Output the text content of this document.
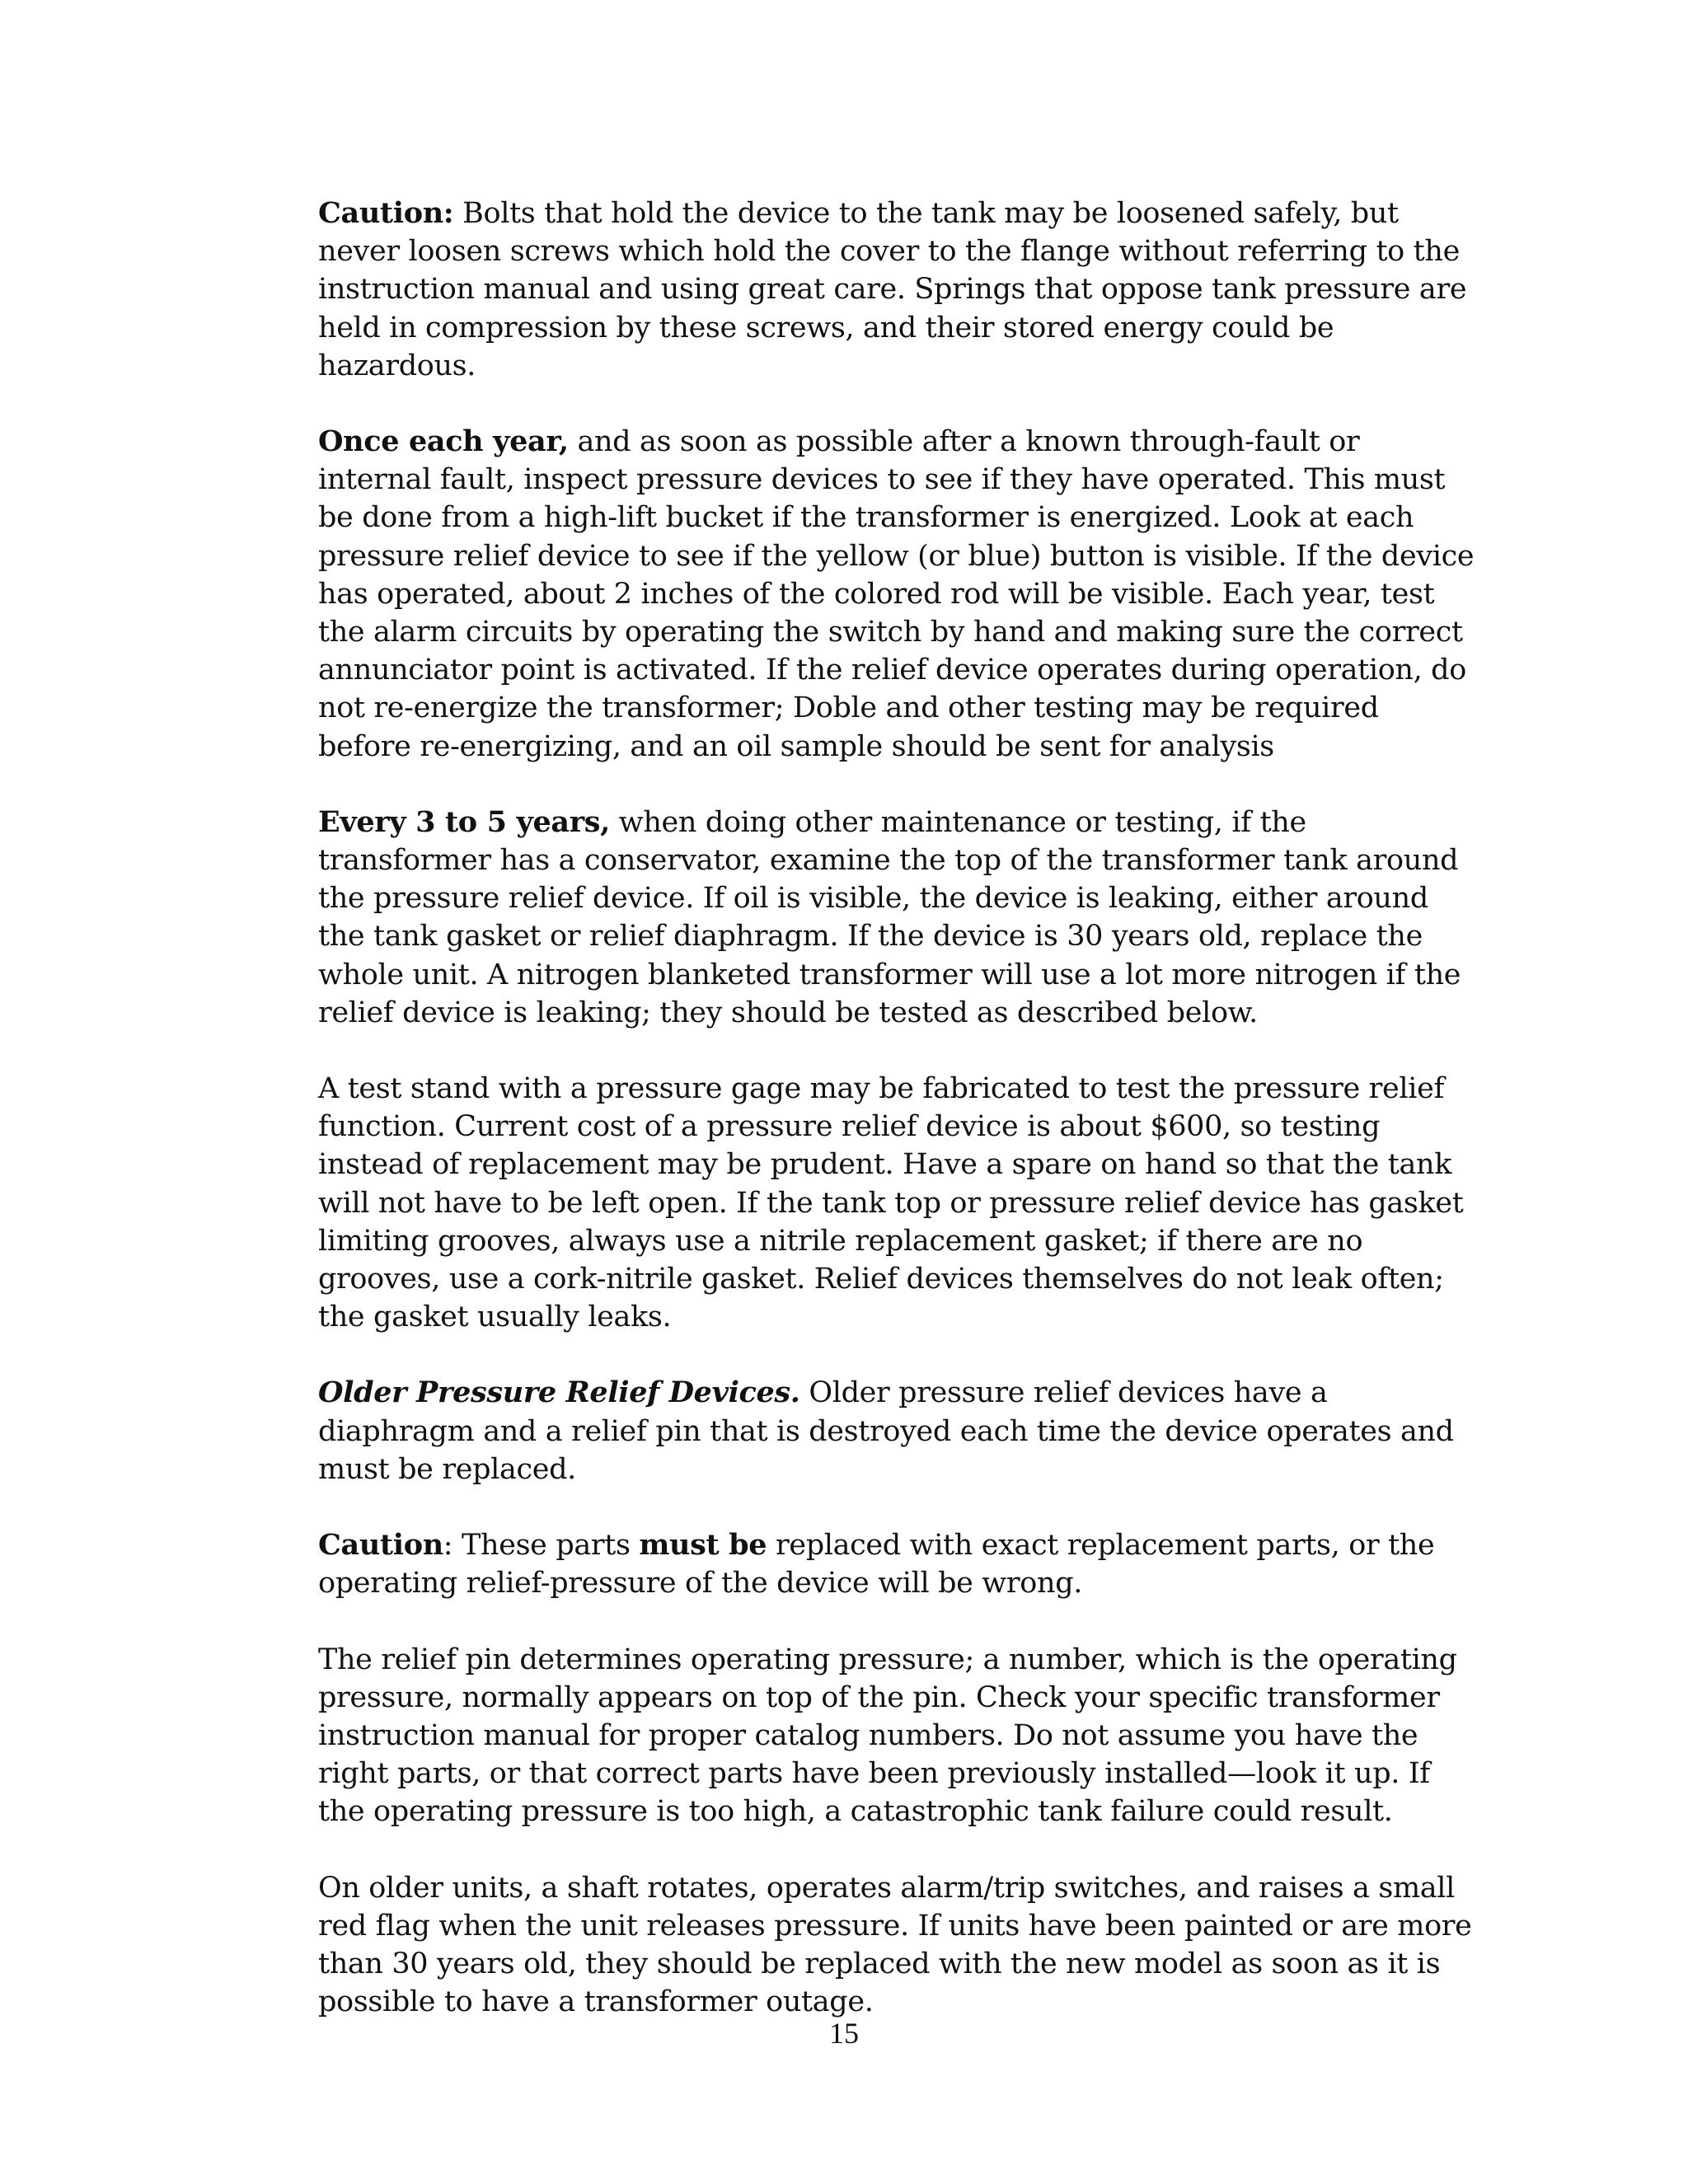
Caution: Bolts that hold the device to the tank may be loosened safely, but never loosen screws which hold the cover to the flange without referring to the instruction manual and using great care. Springs that oppose tank pressure are held in compression by these screws, and their stored energy could be hazardous.

Once each year, and as soon as possible after a known through-fault or internal fault, inspect pressure devices to see if they have operated. This must be done from a high-lift bucket if the transformer is energized. Look at each pressure relief device to see if the yellow (or blue) button is visible. If the device has operated, about 2 inches of the colored rod will be visible. Each year, test the alarm circuits by operating the switch by hand and making sure the correct annunciator point is activated. If the relief device operates during operation, do not re-energize the transformer; Doble and other testing may be required before re-energizing, and an oil sample should be sent for analysis

Every 3 to 5 years, when doing other maintenance or testing, if the transformer has a conservator, examine the top of the transformer tank around the pressure relief device. If oil is visible, the device is leaking, either around the tank gasket or relief diaphragm. If the device is 30 years old, replace the whole unit. A nitrogen blanketed transformer will use a lot more nitrogen if the relief device is leaking; they should be tested as described below.

A test stand with a pressure gage may be fabricated to test the pressure relief function. Current cost of a pressure relief device is about $600, so testing instead of replacement may be prudent. Have a spare on hand so that the tank will not have to be left open. If the tank top or pressure relief device has gasket limiting grooves, always use a nitrile replacement gasket; if there are no grooves, use a cork-nitrile gasket. Relief devices themselves do not leak often; the gasket usually leaks.

Older Pressure Relief Devices. Older pressure relief devices have a diaphragm and a relief pin that is destroyed each time the device operates and must be replaced.

Caution: These parts must be replaced with exact replacement parts, or the operating relief-pressure of the device will be wrong.

The relief pin determines operating pressure; a number, which is the operating pressure, normally appears on top of the pin. Check your specific transformer instruction manual for proper catalog numbers. Do not assume you have the right parts, or that correct parts have been previously installed—look it up. If the operating pressure is too high, a catastrophic tank failure could result.

On older units, a shaft rotates, operates alarm/trip switches, and raises a small red flag when the unit releases pressure. If units have been painted or are more than 30 years old, they should be replaced with the new model as soon as it is possible to have a transformer outage.

15
